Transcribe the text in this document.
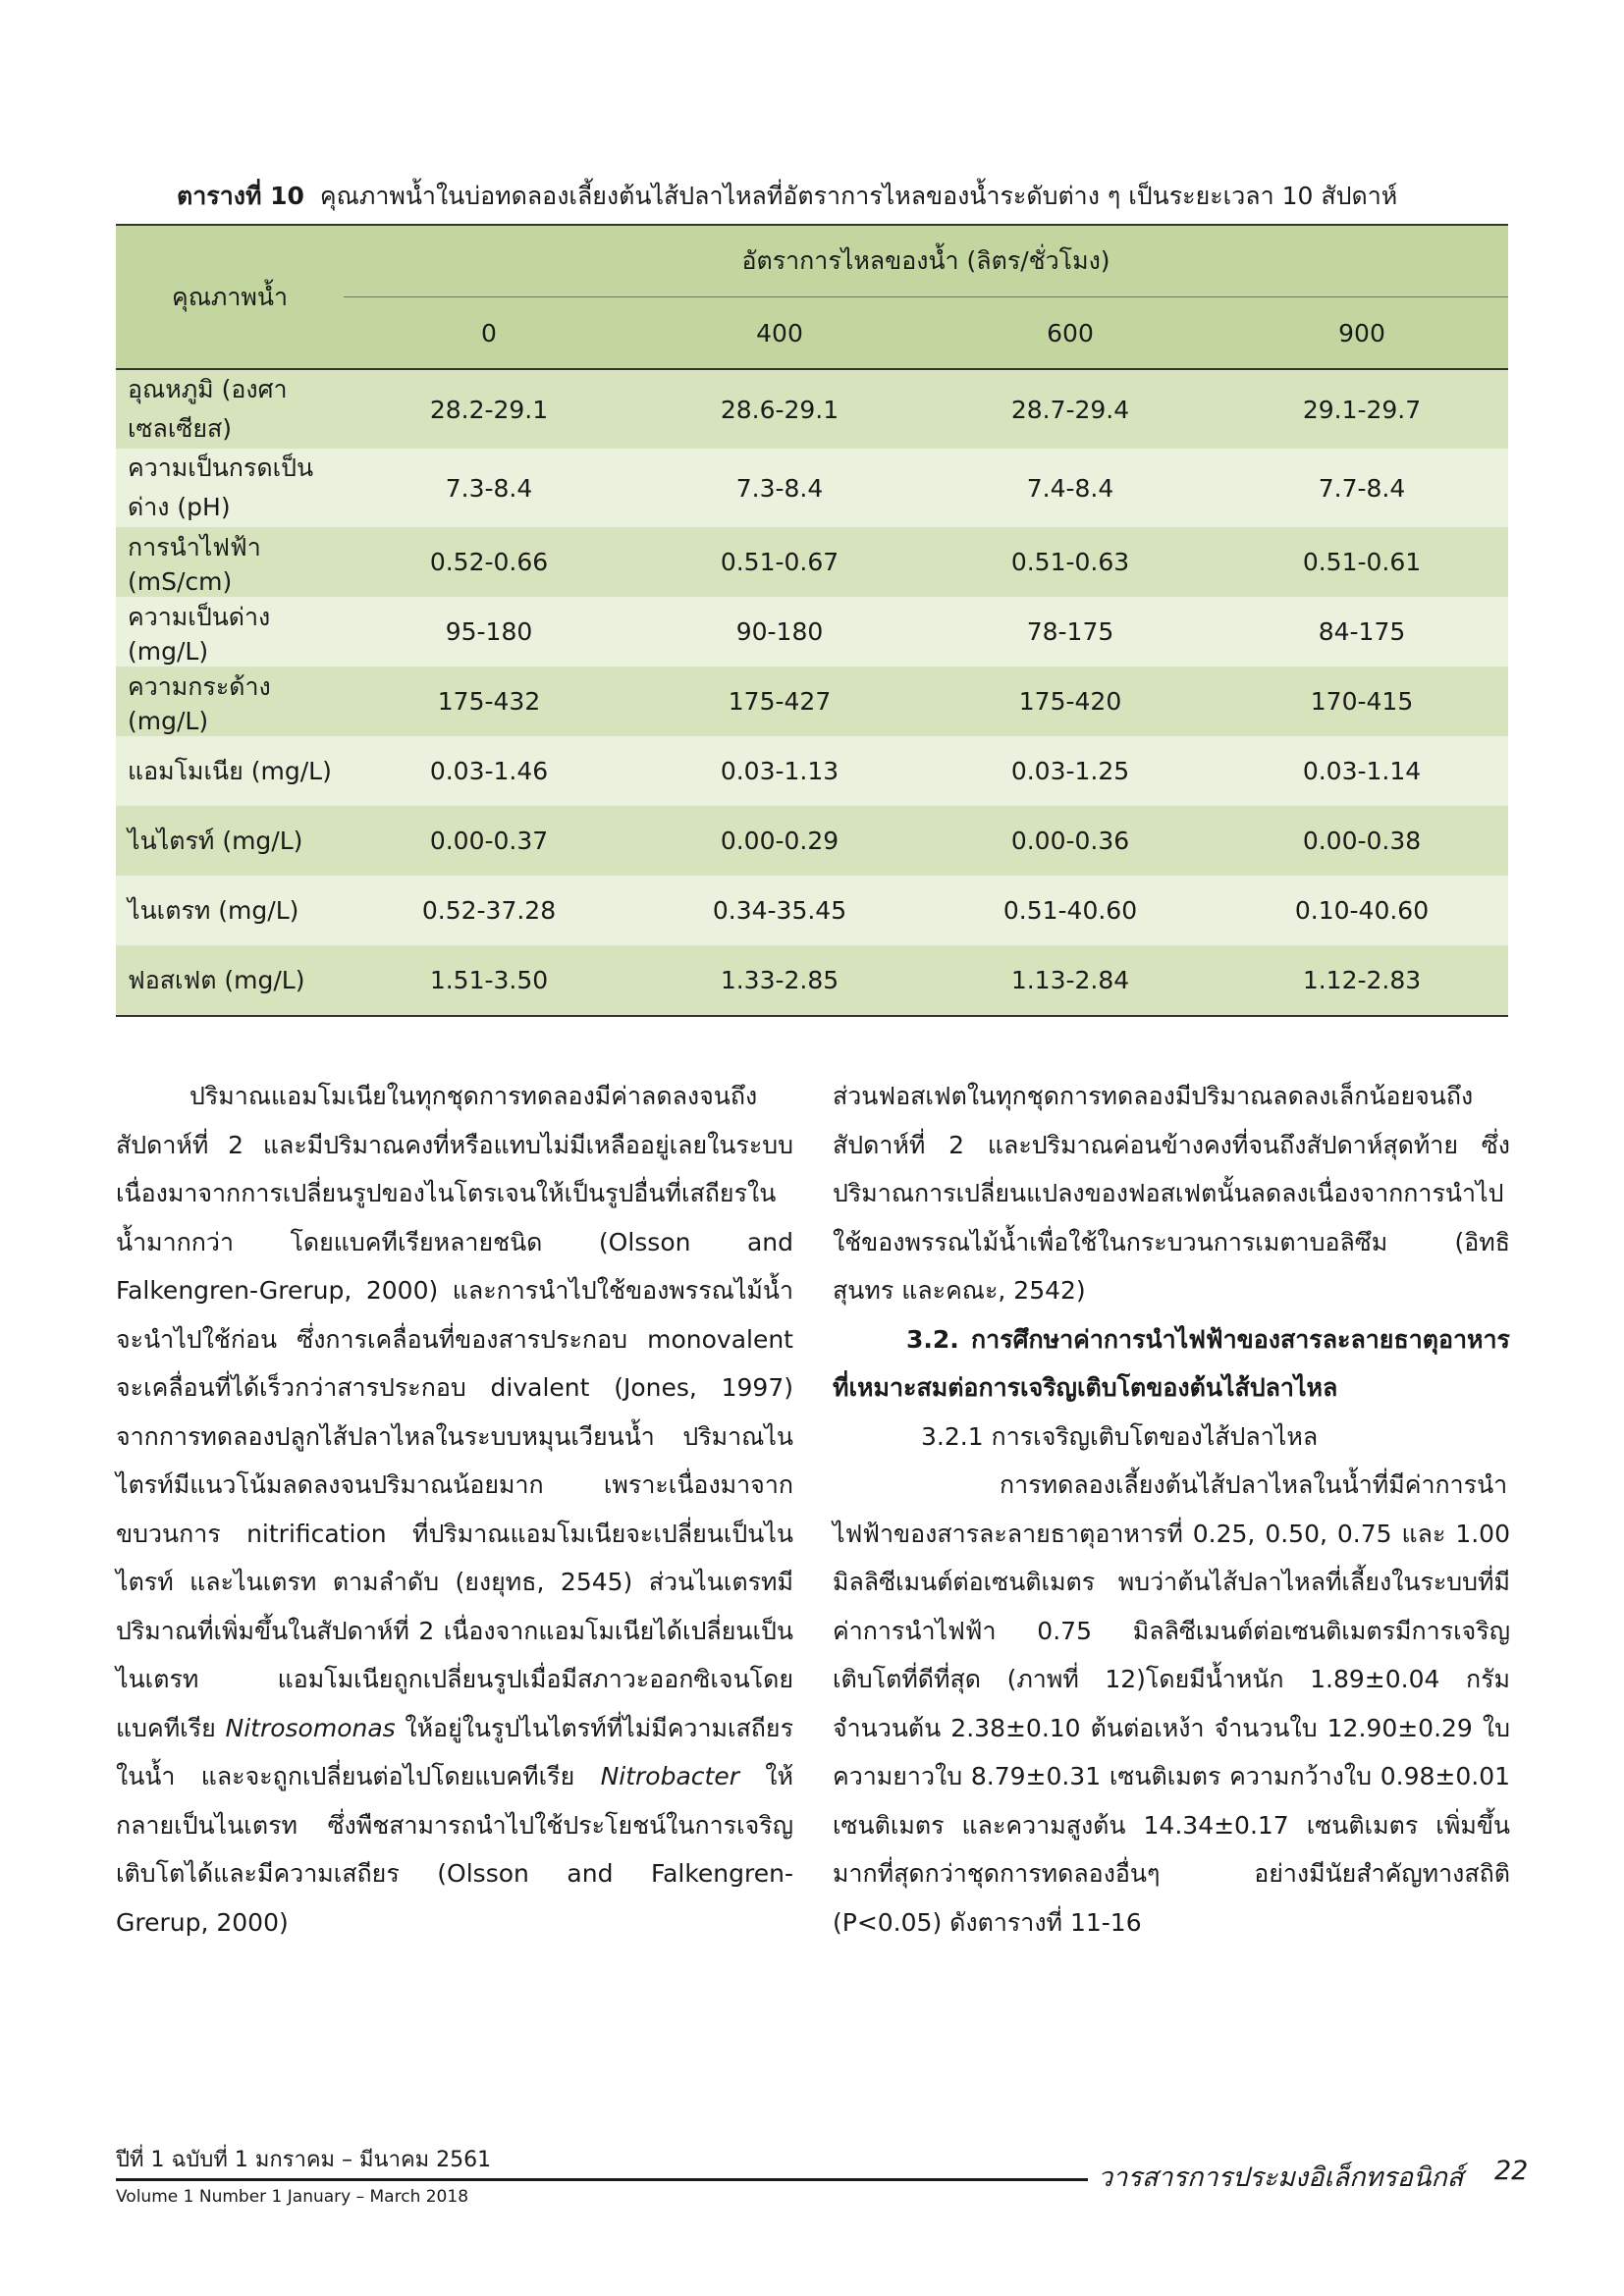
ตารางที่ 10 คุณภาพน้ำในบ่อทดลองเลี้ยงต้นไส้ปลาไหลที่อัตราการไหลของน้ำระดับต่าง ๆ เป็นระยะเวลา 10 สัปดาห์
คุณภาพน้ำ	อัตราการไหลของน้ำ (ลิตร/ชั่วโมง)			
	0	400	600	900
อุณหภูมิ (องศาเซลเซียส)	28.2-29.1	28.6-29.1	28.7-29.4	29.1-29.7
ความเป็นกรดเป็นด่าง (pH)	7.3-8.4	7.3-8.4	7.4-8.4	7.7-8.4
การนำไฟฟ้า (mS/cm)	0.52-0.66	0.51-0.67	0.51-0.63	0.51-0.61
ความเป็นด่าง (mg/L)	95-180	90-180	78-175	84-175
ความกระด้าง (mg/L)	175-432	175-427	175-420	170-415
แอมโมเนีย (mg/L)	0.03-1.46	0.03-1.13	0.03-1.25	0.03-1.14
ไนไตรท์ (mg/L)	0.00-0.37	0.00-0.29	0.00-0.36	0.00-0.38
ไนเตรท (mg/L)	0.52-37.28	0.34-35.45	0.51-40.60	0.10-40.60
ฟอสเฟต (mg/L)	1.51-3.50	1.33-2.85	1.13-2.84	1.12-2.83

ปริมาณแอมโมเนียในทุกชุดการทดลองมีค่าลดลงจนถึงสัปดาห์ที่ 2 และมีปริมาณคงที่หรือแทบไม่มีเหลืออยู่เลยในระบบ เนื่องมาจากการเปลี่ยนรูปของไนโตรเจนให้เป็นรูปอื่นที่เสถียรในน้ำมากกว่า โดยแบคทีเรียหลายชนิด (Olsson and Falkengren-Grerup, 2000) และการนำไปใช้ของพรรณไม้น้ำจะนำไปใช้ก่อน ซึ่งการเคลื่อนที่ของสารประกอบ monovalent จะเคลื่อนที่ได้เร็วกว่าสารประกอบ divalent (Jones, 1997) จากการทดลองปลูกไส้ปลาไหลในระบบหมุนเวียนน้ำ ปริมาณไนไตรท์มีแนวโน้มลดลงจนปริมาณน้อยมาก เพราะเนื่องมาจากขบวนการ nitrification ที่ปริมาณแอมโมเนียจะเปลี่ยนเป็นไนไตรท์ และไนเตรท ตามลำดับ (ยงยุทธ, 2545) ส่วนไนเตรทมีปริมาณที่เพิ่มขึ้นในสัปดาห์ที่ 2 เนื่องจากแอมโมเนียได้เปลี่ยนเป็นไนเตรท แอมโมเนียถูกเปลี่ยนรูปเมื่อมีสภาวะออกซิเจนโดยแบคทีเรีย Nitrosomonas ให้อยู่ในรูปไนไตรท์ที่ไม่มีความเสถียรในน้ำ และจะถูกเปลี่ยนต่อไปโดยแบคทีเรีย Nitrobacter ให้กลายเป็นไนเตรท ซึ่งพืชสามารถนำไปใช้ประโยชน์ในการเจริญเติบโตได้และมีความเสถียร (Olsson and Falkengren-Grerup, 2000)

ส่วนฟอสเฟตในทุกชุดการทดลองมีปริมาณลดลงเล็กน้อยจนถึงสัปดาห์ที่ 2 และปริมาณค่อนข้างคงที่จนถึงสัปดาห์สุดท้าย ซึ่งปริมาณการเปลี่ยนแปลงของฟอสเฟตนั้นลดลงเนื่องจากการนำไปใช้ของพรรณไม้น้ำเพื่อใช้ในกระบวนการเมตาบอลิซึม (อิทธิสุนทร และคณะ, 2542)

3.2. การศึกษาค่าการนำไฟฟ้าของสารละลายธาตุอาหารที่เหมาะสมต่อการเจริญเติบโตของต้นไส้ปลาไหล

3.2.1 การเจริญเติบโตของไส้ปลาไหล

การทดลองเลี้ยงต้นไส้ปลาไหลในน้ำที่มีค่าการนำไฟฟ้าของสารละลายธาตุอาหารที่ 0.25, 0.50, 0.75 และ 1.00 มิลลิซีเมนต์ต่อเซนติเมตร พบว่าต้นไส้ปลาไหลที่เลี้ยงในระบบที่มีค่าการนำไฟฟ้า 0.75 มิลลิซีเมนต์ต่อเซนติเมตรมีการเจริญเติบโตที่ดีที่สุด (ภาพที่ 12)โดยมีน้ำหนัก 1.89±0.04 กรัม จำนวนต้น 2.38±0.10 ต้นต่อเหง้า จำนวนใบ 12.90±0.29 ใบ ความยาวใบ 8.79±0.31 เซนติเมตร ความกว้างใบ 0.98±0.01 เซนติเมตร และความสูงต้น 14.34±0.17 เซนติเมตร เพิ่มขึ้นมากที่สุดกว่าชุดการทดลองอื่นๆ อย่างมีนัยสำคัญทางสถิติ (P<0.05) ดังตารางที่ 11-16

ปีที่ 1 ฉบับที่ 1 มกราคม – มีนาคม 2561
Volume 1 Number 1 January – March 2018
วารสารการประมงอิเล็กทรอนิกส์ 22
